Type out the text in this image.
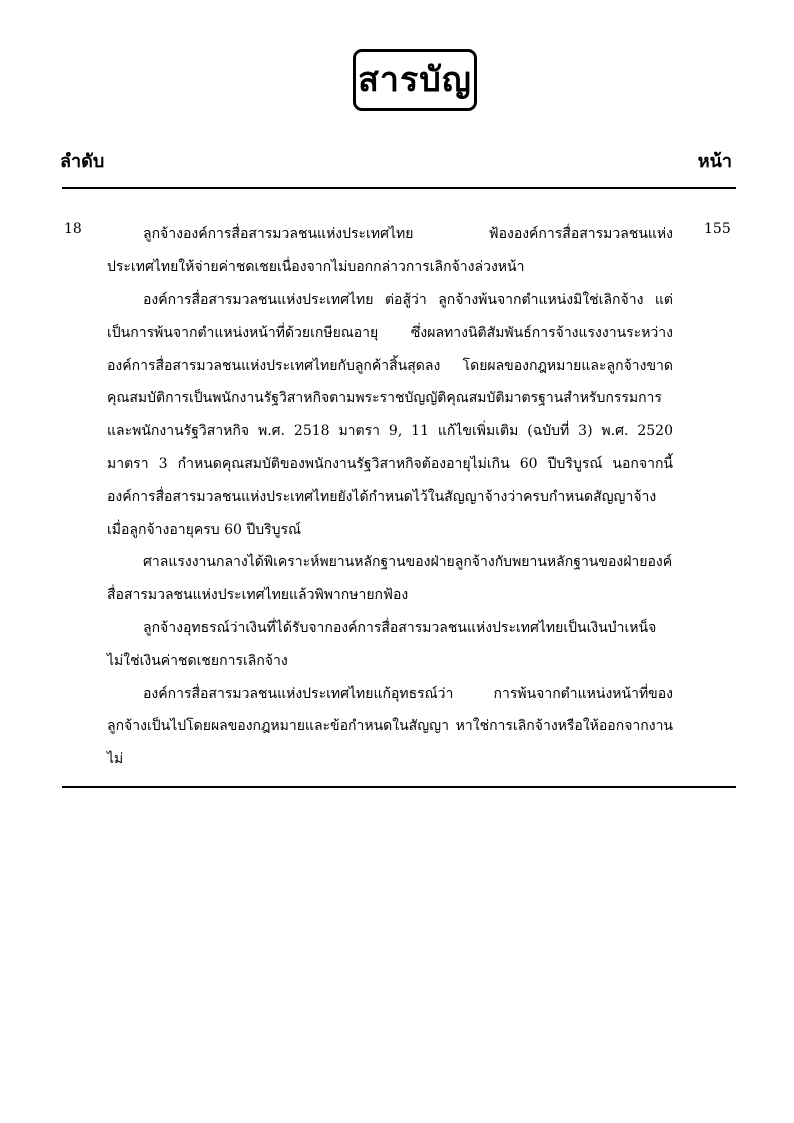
สารบัญ
ลำดับ	หน้า
18	ลูกจ้างองค์การสื่อสารมวลชนแห่งประเทศไทย ฟ้ององค์การสื่อสารมวลชนแห่งประเทศไทยให้จ่ายค่าชดเชยเนื่องจากไม่บอกกล่าวการเลิกจ้างล่วงหน้า

องค์การสื่อสารมวลชนแห่งประเทศไทย ต่อสู้ว่า ลูกจ้างพ้นจากตำแหน่งมิใช่เลิกจ้าง แต่เป็นการพ้นจากตำแหน่งหน้าที่ด้วยเกษียณอายุ ซึ่งผลทางนิติสัมพันธ์การจ้างแรงงานระหว่างองค์การสื่อสารมวลชนแห่งประเทศไทยกับลูกค้าสิ้นสุดลง โดยผลของกฎหมายและลูกจ้างขาดคุณสมบัติการเป็นพนักงานรัฐวิสาหกิจตามพระราชบัญญัติคุณสมบัติมาตรฐานสำหรับกรรมการและพนักงานรัฐวิสาหกิจ พ.ศ. 2518 มาตรา 9, 11 แก้ไขเพิ่มเติม (ฉบับที่ 3) พ.ศ. 2520 มาตรา 3 กำหนดคุณสมบัติของพนักงานรัฐวิสาหกิจต้องอายุไม่เกิน 60 ปีบริบูรณ์ นอกจากนี้องค์การสื่อสารมวลชนแห่งประเทศไทยยังได้กำหนดไว้ในสัญญาจ้างว่าครบกำหนดสัญญาจ้างเมื่อลูกจ้างอายุครบ 60 ปีบริบูรณ์

ศาลแรงงานกลางได้พิเคราะห์พยานหลักฐานของฝ่ายลูกจ้างกับพยานหลักฐานของฝ่ายองค์สื่อสารมวลชนแห่งประเทศไทยแล้วพิพากษายกฟ้อง

ลูกจ้างอุทธรณ์ว่าเงินที่ได้รับจากองค์การสื่อสารมวลชนแห่งประเทศไทยเป็นเงินบำเหน็จไม่ใช่เงินค่าชดเชยการเลิกจ้าง

องค์การสื่อสารมวลชนแห่งประเทศไทยแก้อุทธรณ์ว่า การพ้นจากตำแหน่งหน้าที่ของลูกจ้างเป็นไปโดยผลของกฎหมายและข้อกำหนดในสัญญา หาใช่การเลิกจ้างหรือให้ออกจากงานไม่

155
